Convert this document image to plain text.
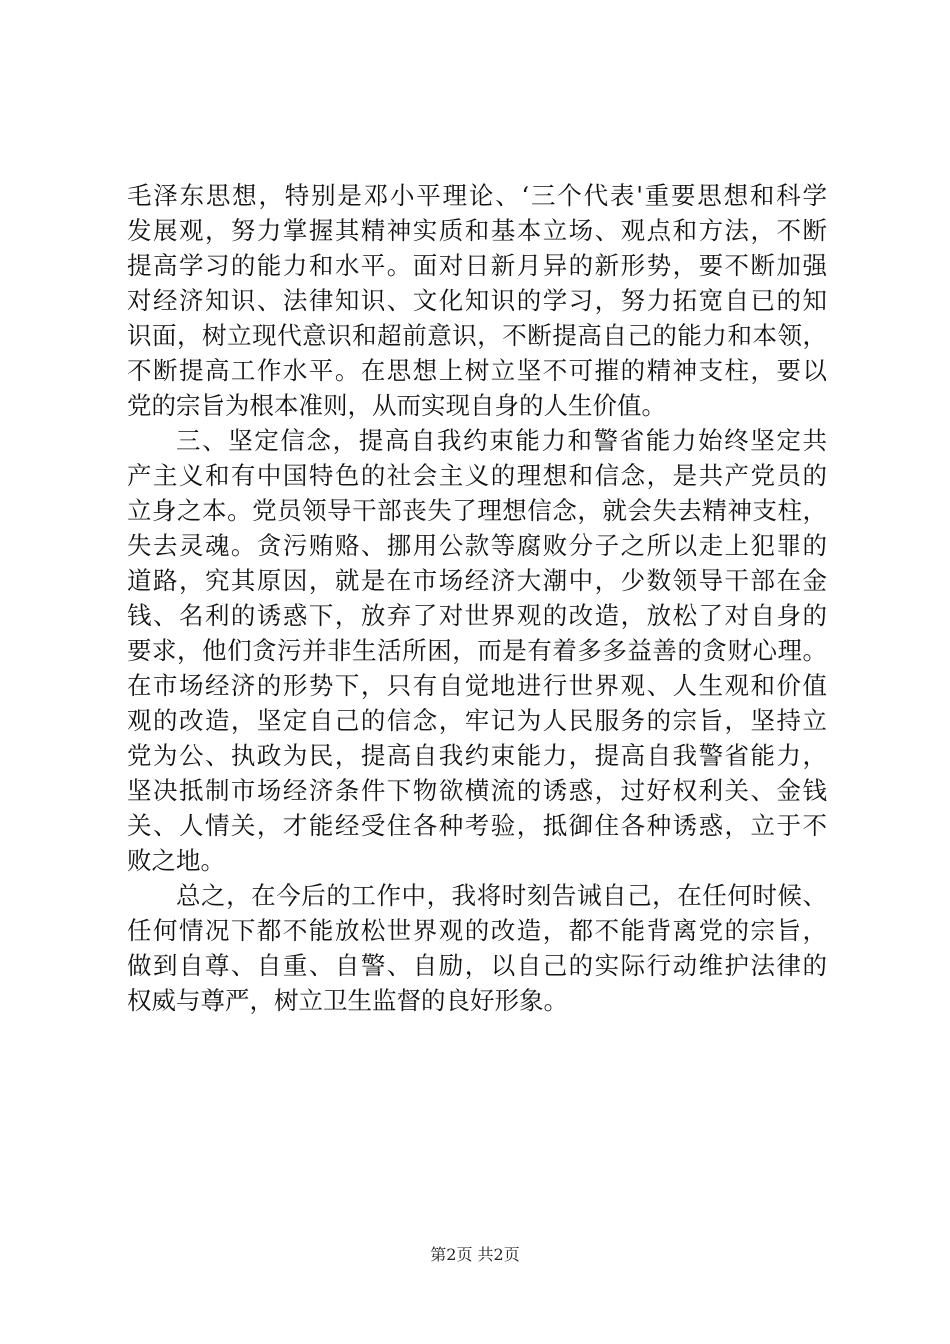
毛泽东思想，特别是邓小平理论、‘三个代表'重要思想和科学
发展观，努力掌握其精神实质和基本立场、观点和方法，不断
提高学习的能力和水平。面对日新月异的新形势，要不断加强
对经济知识、法律知识、文化知识的学习，努力拓宽自已的知
识面，树立现代意识和超前意识，不断提高自己的能力和本领，
不断提高工作水平。在思想上树立坚不可摧的精神支柱，要以
党的宗旨为根本准则，从而实现自身的人生价值。
三、坚定信念，提高自我约束能力和警省能力始终坚定共
产主义和有中国特色的社会主义的理想和信念，是共产党员的
立身之本。党员领导干部丧失了理想信念，就会失去精神支柱，
失去灵魂。贪污贿赂、挪用公款等腐败分子之所以走上犯罪的
道路，究其原因，就是在市场经济大潮中，少数领导干部在金
钱、名利的诱惑下，放弃了对世界观的改造，放松了对自身的
要求，他们贪污并非生活所困，而是有着多多益善的贪财心理。
在市场经济的形势下，只有自觉地进行世界观、人生观和价值
观的改造，坚定自己的信念，牢记为人民服务的宗旨，坚持立
党为公、执政为民，提高自我约束能力，提高自我警省能力，
坚决抵制市场经济条件下物欲横流的诱惑，过好权利关、金钱
关、人情关，才能经受住各种考验，抵御住各种诱惑，立于不
败之地。
总之，在今后的工作中，我将时刻告诫自己，在任何时候、
任何情况下都不能放松世界观的改造，都不能背离党的宗旨，
做到自尊、自重、自警、自励，以自己的实际行动维护法律的
权威与尊严，树立卫生监督的良好形象。
第2页 共2页
